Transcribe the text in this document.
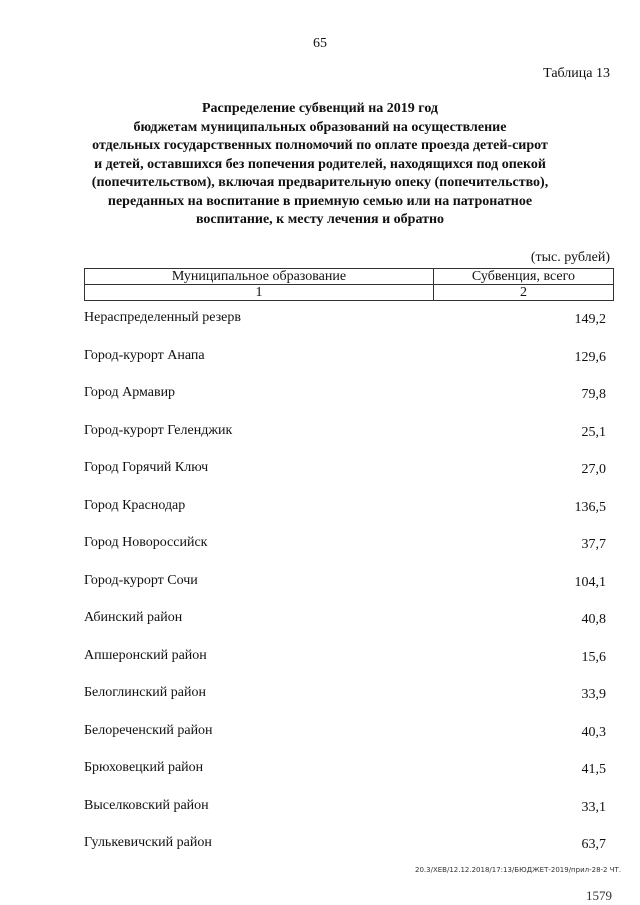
65
Таблица 13
Распределение субвенций на 2019 год
бюджетам муниципальных образований на осуществление
отдельных государственных полномочий по оплате проезда детей-сирот
и детей, оставшихся без попечения родителей, находящихся под опекой
(попечительством), включая предварительную опеку (попечительство),
переданных на воспитание в приемную семью или на патронатное
воспитание, к месту лечения и обратно
(тыс. рублей)
Муниципальное образование	Субвенция, всего
1	2
Нераспределенный резерв	149,2
Город-курорт Анапа	129,6
Город Армавир	79,8
Город-курорт Геленджик	25,1
Город Горячий Ключ	27,0
Город Краснодар	136,5
Город Новороссийск	37,7
Город-курорт Сочи	104,1
Абинский район	40,8
Апшеронский район	15,6
Белоглинский район	33,9
Белореченский район	40,3
Брюховецкий район	41,5
Выселковский район	33,1
Гулькевичский район	63,7
20.3/ХЕВ/12.12.2018/17:13/БЮДЖЕТ-2019/прил-28-2 ЧТ.
1579
